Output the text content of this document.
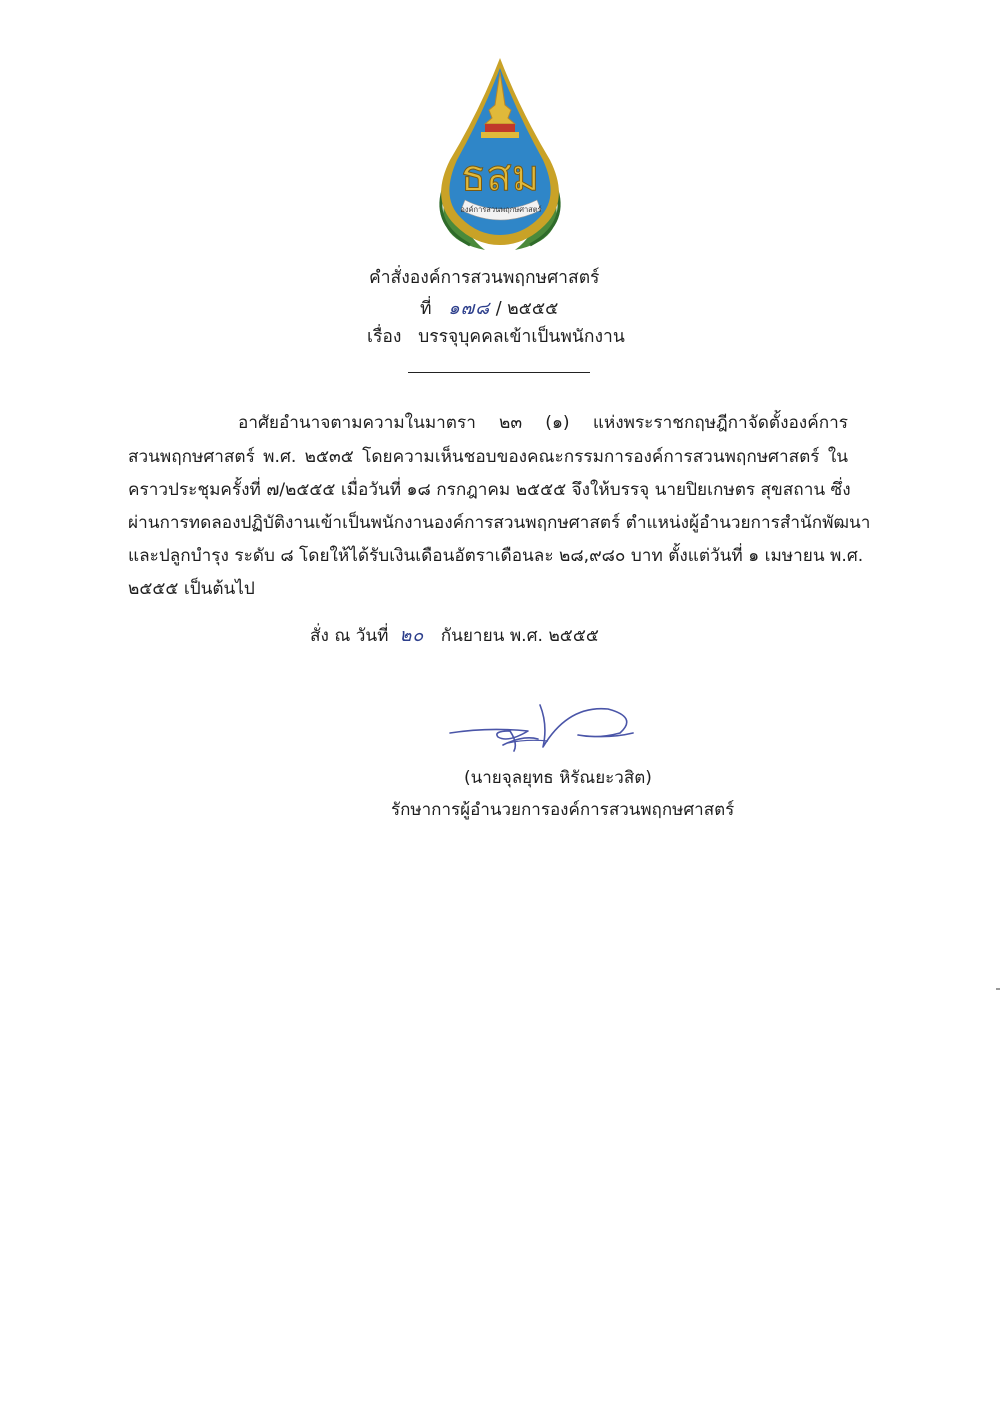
ธสม
องค์การสวนพฤกษศาสตร์
คำสั่งองค์การสวนพฤกษศาสตร์
ที่ ๑๗๘ / ๒๕๕๕
เรื่อง บรรจุบุคคลเข้าเป็นพนักงาน
อาศัยอำนาจตามความในมาตรา ๒๓ (๑) แห่งพระราชกฤษฎีกาจัดตั้งองค์การ
สวนพฤกษศาสตร์ พ.ศ. ๒๕๓๕ โดยความเห็นชอบของคณะกรรมการองค์การสวนพฤกษศาสตร์ ใน
คราวประชุมครั้งที่ ๗/๒๕๕๕ เมื่อวันที่ ๑๘ กรกฎาคม ๒๕๕๕ จึงให้บรรจุ นายปิยเกษตร สุขสถาน ซึ่ง
ผ่านการทดลองปฏิบัติงานเข้าเป็นพนักงานองค์การสวนพฤกษศาสตร์ ตำแหน่งผู้อำนวยการสำนักพัฒนา
และปลูกบำรุง ระดับ ๘ โดยให้ได้รับเงินเดือนอัตราเดือนละ ๒๘,๙๘๐ บาท ตั้งแต่วันที่ ๑ เมษายน พ.ศ.
๒๕๕๕ เป็นต้นไป
สั่ง ณ วันที่ ๒๐ กันยายน พ.ศ. ๒๕๕๕
(นายจุลยุทธ หิรัณยะวสิต)
รักษาการผู้อำนวยการองค์การสวนพฤกษศาสตร์
